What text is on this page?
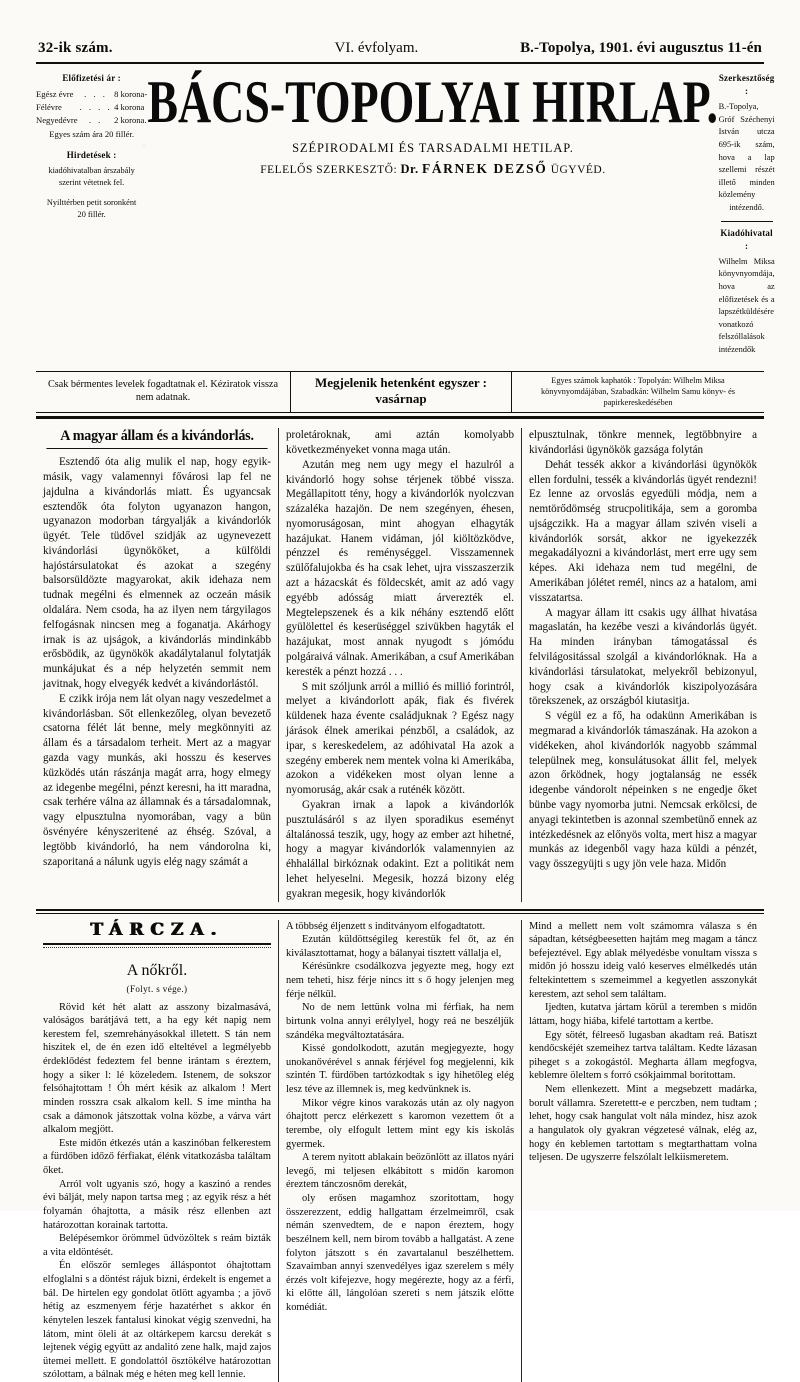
32-ik szám.	VI. évfolyam.	B.-Topolya, 1901. évi augusztus 11-én
Előfizetési ár :
Egész évre	. . .	8 korona-
Félévre	. . . .	4 korona
Negyedévre	. .	2 korona.
Egyes szám ára 20 fillér.
Hirdetések :
kiadóhivatalban árszabály
szerint vétetnek fel.
Nyilttérben petit soronként
20 fillér.
BÁCS-TOPOLYAI HIRLAP.
SZÉPIRODALMI ÉS TARSADALMI HETILAP.
FELELŐS SZERKESZTŐ: Dr. FÁRNEK DEZSŐ ÜGYVÉD.
Szerkesztőség :

B.-Topolya, Gróf Széchenyi István utcza 695-ik szám, hova a lap szellemi részét illető minden közlemény

intézendő.

Kiadóhivatal :

Wilhelm Miksa könyvnyomdája, hova az előfizetések és a lapszétküldésére vonatkozó felszóllalások intézendők

Csak bérmentes levelek fogadtatnak el. Kéziratok vissza nem adatnak.
Megjelenik hetenként egyszer :
vasárnap
Egyes számok kaphatók : Topolyán: Wilhelm Miksa könyvnyomdájában, Szabadkán: Wilhelm Samu könyv- és papirkereskedésében
A magyar állam és a kivándorlás.

Esztendő óta alig mulik el nap, hogy egyik-másik, vagy valamennyi fővárosi lap fel ne jajdulna a kivándorlás miatt. És ugyancsak esztendők óta folyton ugyanazon hangon, ugyanazon modorban tárgyalják a kivándorlók ügyét. Tele tüdővel szidják az ugynevezett kivándorlási ügynököket, a külföldi hajóstársulatokat és azokat a szegény balsorsüldözte magyarokat, akik idehaza nem tudnak megélni és elmennek az oczeán másik oldalára. Nem csoda, ha az ilyen nem tárgyilagos felfogásnak nincsen meg a foganatja. Akárhogy irnak is az ujságok, a kivándorlás mindinkább erősbödik, az ügynökök akadálytalanul folytatják munkájukat és a nép helyzetén semmit nem javitnak, hogy elvegyék kedvét a kivándorlástól.

E czikk irója nem lát olyan nagy veszedelmet a kivándorlásban. Sőt ellenkezőleg, olyan bevezető csatorna félét lát benne, mely megkönnyiti az állam és a társadalom terheit. Mert az a magyar gazda vagy munkás, aki hosszu és keserves küzködés után rászánja magát arra, hogy elmegy az idegenbe megélni, pénzt keresni, ha itt maradna, csak terhére válna az államnak és a társadalomnak, vagy elpusztulna nyomorában, vagy a bün ösvényére kényszeritené az éhség. Szóval, a legtöbb kivándorló, ha nem vándorolna ki, szaporitaná a nálunk ugyis elég nagy számát a

proletároknak, ami aztán komolyabb következményeket vonna maga után.

Azután meg nem ugy megy el hazulról a kivándorló hogy sohse térjenek többé vissza. Megállapitott tény, hogy a kivándorlók nyolczvan százaléka hazajön. De nem szegényen, éhesen, nyomoruságosan, mint ahogyan elhagyták hazájukat. Hanem vidáman, jól kiöltözködve, pénzzel és reménységgel. Visszamennek szülőfalujokba és ha csak lehet, ujra visszaszerzik azt a házacskát és földecskét, amit az adó vagy egyébb adósság miatt árverezték el. Megtelepszenek és a kik néhány esztendő előtt gyülölettel és keserüséggel szivükben hagyták el hazájukat, most annak nyugodt s jómódu polgáraivá válnak. Amerikában, a csuf Amerikában keresték a pénzt hozzá . . .

S mit szóljunk arról a millió és millió forintról, melyet a kivándorlott apák, fiak és fivérek küldenek haza évente családjuknak ? Egész nagy járások élnek amerikai pénzből, a családok, az ipar, s kereskedelem, az adóhivatal Ha azok a szegény emberek nem mentek volna ki Amerikába, azokon a vidékeken most olyan lenne a nyomoruság, akár csak a ruténék között.

Gyakran irnak a lapok a kivándorlók pusztulásáról s az ilyen sporadikus eseményt általánossá teszik, ugy, hogy az ember azt hihetné, hogy a magyar kivándorlók valamennyien az éhhalállal birkóznak odakint. Ezt a politikát nem lehet helyeselni. Megesik, hozzá bizony elég gyakran megesik, hogy kivándorlók

elpusztulnak, tönkre mennek, legtöbbnyire a kivándorlási ügynökök gazsága folytán

Dehát tessék akkor a kivándorlási ügynökök ellen fordulni, tessék a kivándorlás ügyét rendezni! Ez lenne az orvoslás egyedüli módja, nem a nemtörődömség strucpolitikája, sem a goromba ujságczikk. Ha a magyar állam szivén viseli a kivándorlók sorsát, akkor ne igyekezzék megakadályozni a kivándorlást, mert erre ugy sem képes. Aki idehaza nem tud megélni, de Amerikában jólétet remél, nincs az a hatalom, ami visszatartsa.

A magyar állam itt csakis ugy állhat hivatása magaslatán, ha kezébe veszi a kivándorlás ügyét. Ha minden irányban támogatással és felvilágositással szolgál a kivándorlóknak. Ha a kivándorlási társulatokat, melyekről bebizonyul, hogy csak a kivándorlók kiszipolyozására törekszenek, az országból kiutasitja.

S végül ez a fő, ha odakünn Amerikában is megmarad a kivándorlók támaszának. Ha azokon a vidékeken, ahol kivándorlók nagyobb számmal települnek meg, konsulátusokat állit fel, melyek azon őrködnek, hogy jogtalanság ne essék idegenbe vándorolt népeinken s ne engedje őket bünbe vagy nyomorba jutni. Nemcsak erkölcsi, de anyagi tekintetben is azonnal szembetünő ennek az intézkedésnek az előnyös volta, mert hisz a magyar munkás az idegenből vagy haza küldi a pénzét, vagy összegyüjti s ugy jön vele haza. Midőn

TÁRCZA.
A nőkről.
(Folyt. s vége.)

Rövid két hét alatt az asszony bizalmasává, valóságos barátjává tett, a ha egy két napig nem kerestem fel, szemrehányásokkal illetett. S tán nem hiszitek el, de én ezen idő elteltével a legmélyebb érdeklődést fedeztem fel benne irántam s éreztem, hogy a siker l: lé közeledem. Istenem, de sokszor felsóhajtottam ! Óh mért késik az alkalom ! Mert minden rosszra csak alkalom kell. S ime mintha ha csak a dámonok játszottak volna közbe, a várva várt alkalom megjött.

Este midőn étkezés után a kaszinóban felkerestem a fürdőben időző férfiakat, élénk vitatkozásba találtam őket.

Arról volt ugyanis szó, hogy a kaszinó a rendes évi bálját, mely napon tartsa meg ; az egyik rész a hét folyamán óhajtotta, a másik rész ellenben azt határozottan korainak tartotta.

Belépésemkor örömmel üdvözöltek s reám bizták a vita eldöntését.

Én először semleges álláspontot óhajtottam elfoglalni s a döntést rájuk bizni, érdekelt is engemet a bál. De hirtelen egy gondolat ötlött agyamba ; a jövő hétig az eszmenyem férje hazatérhet s akkor én kénytelen leszek fantalusi kinokat végig szenvedni, ha látom, mint öleli át az oltárkepem karcsu derekát s lejtenek végig együtt az andalitó zene halk, majd zajos ütemei mellett. E gondolattól ösztökélve határozottan szólottam, a bálnak még e héten meg kell lennie.

A többség éljenzett s inditványom elfogadtatott.

Ezután küldöttségileg kerestük fel őt, az én kiválasztottamat, hogy a bálanyai tisztett vállalja el,

Kérésünkre csodálkozva jegyezte meg, hogy ezt nem teheti, hisz férje nincs itt s ő hogy jelenjen meg férje nélkül.

No de nem lettünk volna mi férfiak, ha nem birtunk volna annyi erélylyel, hogy reá ne beszéljük szándéka megváltoztatására.

Kissé gondolkodott, azután megjegyezte, hogy unokanővérével s annak férjével fog megjelenni, kik szintén T. fürdőben tartózkodtak s igy hihetőleg elég lesz téve az illemnek is, meg kedvünknek is.

Mikor végre kinos varakozás után az oly nagyon óhajtott percz elérkezett s karomon vezettem őt a terembe, oly elfogult lettem mint egy kis iskolás gyermek.

A terem nyitott ablakain beözönlött az illatos nyári levegő, mi teljesen elkábitott s midőn karomon éreztem tánczosnőm derekát,

oly erősen magamhoz szoritottam, hogy összerezzent, eddig hallgattam érzelmeimről, csak némán szenvedtem, de e napon éreztem, hogy beszélnem kell, nem birom tovább a hallgatást. A zene folyton játszott s én zavartalanul beszélhettem. Szavaimban annyi szenvedélyes igaz szerelem s mély érzés volt kifejezve, hogy megérezte, hogy az a férfi, ki előtte áll, lángolóan szereti s nem játszik előtte komédiát.

Mind a mellett nem volt számomra válasza s én sápadtan, kétségbeesetten hajtám meg magam a táncz befejeztével. Egy ablak mélyedésbe vonultam vissza s midőn jó hosszu ideig való keserves elmélkedés után feltekintettem s szemeimmel a kegyetlen asszonykát kerestem, azt sehol sem találtam.

Ijedten, kutatva jártam körül a teremben s midőn láttam, hogy hiába, kifelé tartottam a kertbe.

Egy sötét, félreeső lugasban akadtam reá. Batiszt kendőcskéjét szemeihez tartva találtam. Kedte lázasan piheget s a zokogástól. Megharta állam megfogva, keblemre öleltem s forró csókjaimmal boritottam.

Nem ellenkezett. Mint a megsebzett madárka, borult vállamra. Szeretettt-e e perczben, nem tudtam ; lehet, hogy csak hangulat volt nála mindez, hisz azok a hangulatok oly gyakran végzetesé válnak, elég az, hogy én keblemen tartottam s megtarthattam volna teljesen. De ugyszerre felszólalt lelkiismeretem.
